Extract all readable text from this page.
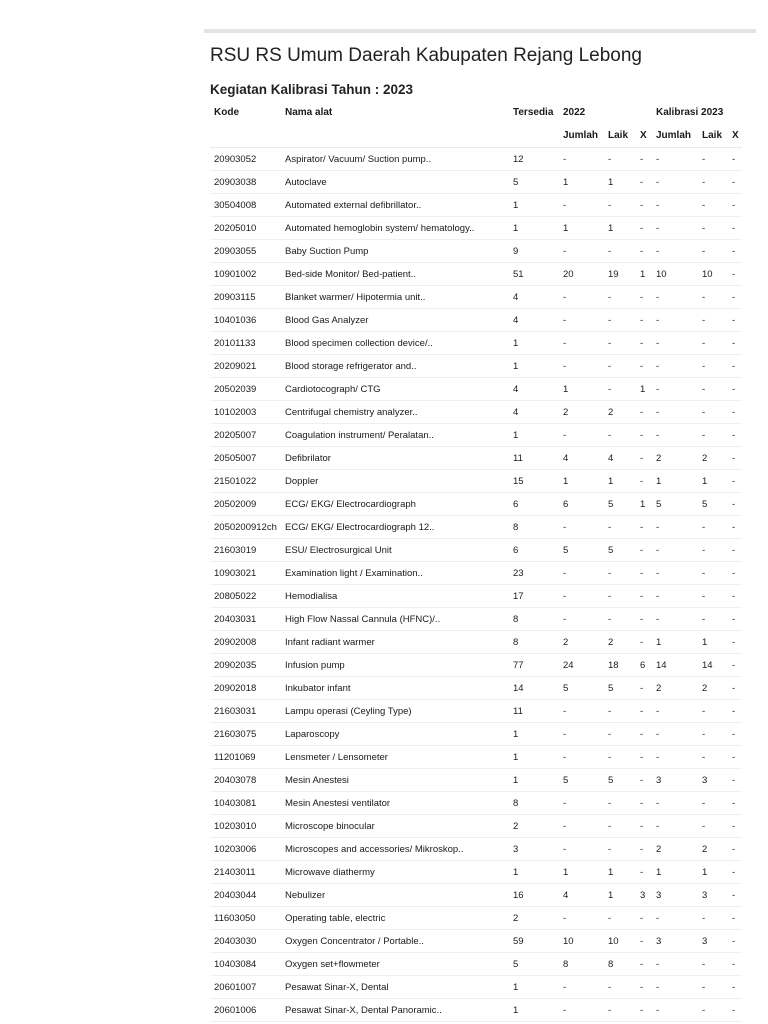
RSU RS Umum Daerah Kabupaten Rejang Lebong
Kegiatan Kalibrasi Tahun : 2023
Kode	Nama alat	Tersedia	2022			Kalibrasi 2023		
			Jumlah	Laik	X	Jumlah	Laik	X
20903052	Aspirator/ Vacuum/ Suction pump..	12	-	-	-	-	-	-
20903038	Autoclave	5	1	1	-	-	-	-
30504008	Automated external defibrillator..	1	-	-	-	-	-	-
20205010	Automated hemoglobin system/ hematology..	1	1	1	-	-	-	-
20903055	Baby Suction Pump	9	-	-	-	-	-	-
10901002	Bed-side Monitor/ Bed-patient..	51	20	19	1	10	10	-
20903115	Blanket warmer/ Hipotermia unit..	4	-	-	-	-	-	-
10401036	Blood Gas Analyzer	4	-	-	-	-	-	-
20101133	Blood specimen collection device/..	1	-	-	-	-	-	-
20209021	Blood storage refrigerator and..	1	-	-	-	-	-	-
20502039	Cardiotocograph/ CTG	4	1	-	1	-	-	-
10102003	Centrifugal chemistry analyzer..	4	2	2	-	-	-	-
20205007	Coagulation instrument/ Peralatan..	1	-	-	-	-	-	-
20505007	Defibrilator	11	4	4	-	2	2	-
21501022	Doppler	15	1	1	-	1	1	-
20502009	ECG/ EKG/ Electrocardiograph	6	6	5	1	5	5	-
2050200912ch	ECG/ EKG/ Electrocardiograph 12..	8	-	-	-	-	-	-
21603019	ESU/ Electrosurgical Unit	6	5	5	-	-	-	-
10903021	Examination light / Examination..	23	-	-	-	-	-	-
20805022	Hemodialisa	17	-	-	-	-	-	-
20403031	High Flow Nassal Cannula (HFNC)/..	8	-	-	-	-	-	-
20902008	Infant radiant warmer	8	2	2	-	1	1	-
20902035	Infusion pump	77	24	18	6	14	14	-
20902018	Inkubator infant	14	5	5	-	2	2	-
21603031	Lampu operasi (Ceyling Type)	11	-	-	-	-	-	-
21603075	Laparoscopy	1	-	-	-	-	-	-
11201069	Lensmeter / Lensometer	1	-	-	-	-	-	-
20403078	Mesin Anestesi	1	5	5	-	3	3	-
10403081	Mesin Anestesi ventilator	8	-	-	-	-	-	-
10203010	Microscope binocular	2	-	-	-	-	-	-
10203006	Microscopes and accessories/ Mikroskop..	3	-	-	-	2	2	-
21403011	Microwave diathermy	1	1	1	-	1	1	-
20403044	Nebulizer	16	4	1	3	3	3	-
11603050	Operating table, electric	2	-	-	-	-	-	-
20403030	Oxygen Concentrator / Portable..	59	10	10	-	3	3	-
10403084	Oxygen set+flowmeter	5	8	8	-	-	-	-
20601007	Pesawat Sinar-X, Dental	1	-	-	-	-	-	-
20601006	Pesawat Sinar-X, Dental Panoramic..	1	-	-	-	-	-	-
